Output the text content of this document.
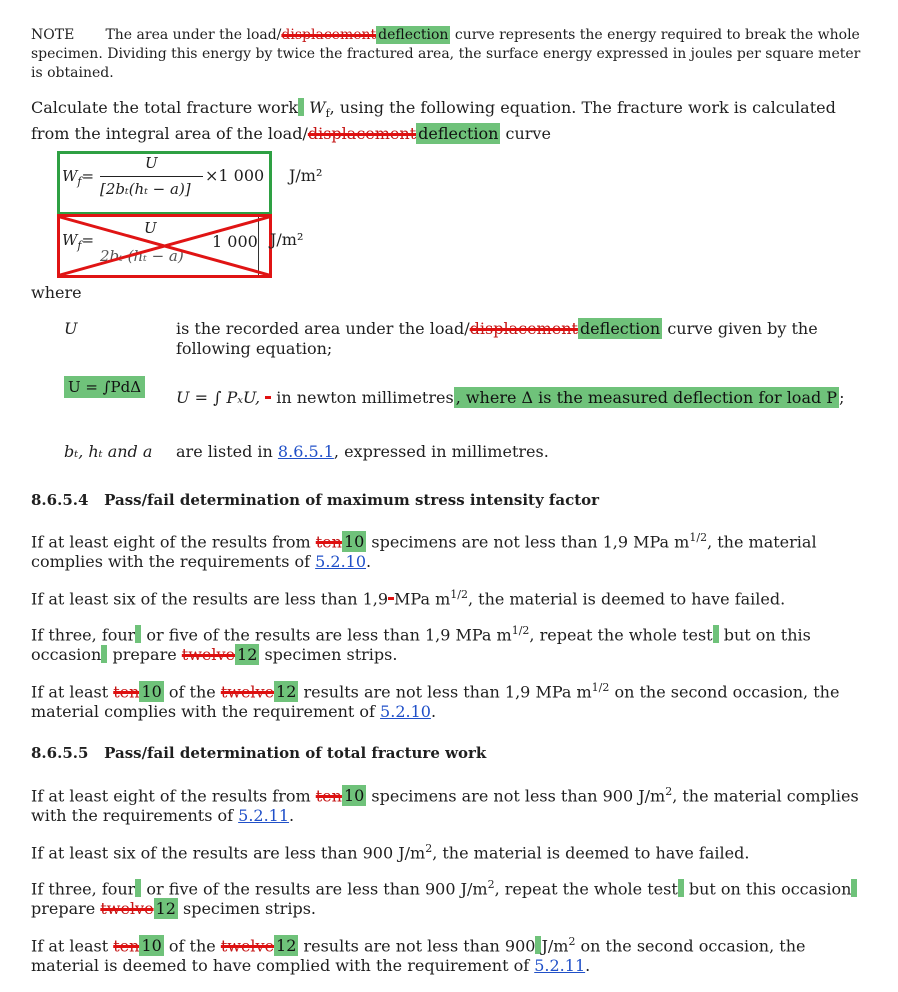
NOTE The area under the load/displacement deflection curve represents the energy required to break the whole specimen. Dividing this energy by twice the fractured area, the surface energy expressed in joules per square meter is obtained.
Calculate the total fracture work $W_f$, using the following equation. The fracture work is calculated from the integral area of the load/displacement deflection curve
$W_f=$
U
[2bₜ(hₜ − a)]
×1 000 J/m²
$W_f=$
U
2bₜ (hₜ − a)
1 000 J/m²
where
U	is the recorded area under the load/displacement deflection curve given by the following equation;
U = ∫PdΔ
U = ∫ PₓU,  in newton millimetres , where Δ is the measured deflection for load P ;
bₜ, hₜ and a are listed in 8.6.5.1, expressed in millimetres.
8.6.5.4 Pass/fail determination of maximum stress intensity factor
If at least eight of the results from ten 10 specimens are not less than 1,9 MPa $m^{1/2}$, the material complies with the requirements of 5.2.10.
If at least six of the results are less than 1,9 MPa $m^{1/2}$, the material is deemed to have failed.
If three, four or five of the results are less than 1,9 MPa $m^{1/2}$, repeat the whole test but on this occasion prepare twelve 12 specimen strips.
If at least ten 10 of the twelve 12 results are not less than 1,9 MPa $m^{1/2}$ on the second occasion, the material complies with the requirement of 5.2.10.
8.6.5.5 Pass/fail determination of total fracture work
If at least eight of the results from ten 10 specimens are not less than 900 $J/m^2$, the material complies with the requirements of 5.2.11.
If at least six of the results are less than 900 $J/m^2$, the material is deemed to have failed.
If three, four or five of the results are less than 900 $J/m^2$, repeat the whole test but on this occasion prepare twelve 12 specimen strips.
If at least ten 10 of the twelve 12 results are not less than 900 $J/m^2$ on the second occasion, the material is deemed to have complied with the requirement of 5.2.11.
